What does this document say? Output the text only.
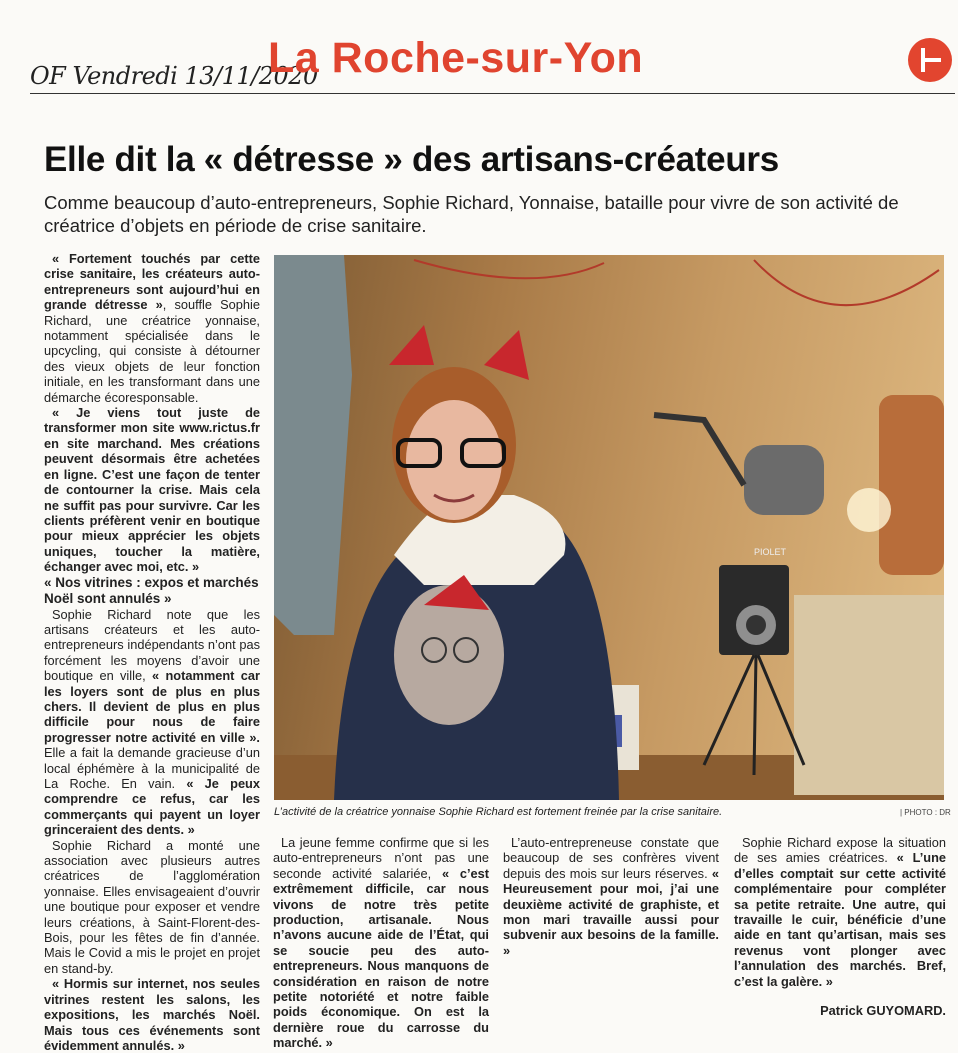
OF Vendredi 13/11/2020
La Roche-sur-Yon
Elle dit la « détresse » des artisans-créateurs
Comme beaucoup d’auto-entrepreneurs, Sophie Richard, Yonnaise, bataille pour vivre de son activité de créatrice d’objets en période de crise sanitaire.

« Fortement touchés par cette crise sanitaire, les créateurs auto-entrepreneurs sont aujourd’hui en grande détresse », souffle Sophie Richard, une créatrice yonnaise, notamment spécialisée dans le upcycling, qui consiste à détourner des vieux objets de leur fonction initiale, en les transformant dans une démarche écoresponsable.

« Je viens tout juste de transformer mon site www.rictus.fr en site marchand. Mes créations peuvent désormais être achetées en ligne. C’est une façon de tenter de contourner la crise. Mais cela ne suffit pas pour survivre. Car les clients préfèrent venir en boutique pour mieux apprécier les objets uniques, toucher la matière, échanger avec moi, etc. »

« Nos vitrines : expos et marchés Noël sont annulés »

Sophie Richard note que les artisans créateurs et les auto-entrepreneurs indépendants n’ont pas forcément les moyens d’avoir une boutique en ville, « notamment car les loyers sont de plus en plus chers. Il devient de plus en plus difficile pour nous de faire progresser notre activité en ville ». Elle a fait la demande gracieuse d’un local éphémère à la municipalité de La Roche. En vain. « Je peux comprendre ce refus, car les commerçants qui payent un loyer grinceraient des dents. »

Sophie Richard a monté une association avec plusieurs autres créatrices de l’agglomération yonnaise. Elles envisageaient d’ouvrir une boutique pour exposer et vendre leurs créations, à Saint-Florent-des-Bois, pour les fêtes de fin d’année. Mais le Covid a mis le projet en projet en stand-by.

« Hormis sur internet, nos seules vitrines restent les salons, les expositions, les marchés Noël. Mais tous ces événements sont évidemment annulés. »

La jeune femme confirme que si les auto-entrepreneurs n’ont pas une seconde activité salariée, « c’est extrêmement difficile, car nous vivons de notre très petite production, artisanale. Nous n’avons aucune aide de l’État, qui se soucie peu des auto-entrepreneurs. Nous manquons de considération en raison de notre petite notoriété et notre faible poids économique. On est la dernière roue du carrosse du marché. »

L’auto-entrepreneuse constate que beaucoup de ses confrères vivent depuis des mois sur leurs réserves. « Heureusement pour moi, j’ai une deuxième activité de graphiste, et mon mari travaille aussi pour subvenir aux besoins de la famille. »

Sophie Richard expose la situation de ses amies créatrices. « L’une d’elles comptait sur cette activité complémentaire pour compléter sa petite retraite. Une autre, qui travaille le cuir, bénéficie d’une aide en tant qu’artisan, mais ses revenus vont plonger avec l’annulation des marchés. Bref, c’est la galère. »

Patrick GUYOMARD.

PIOLET
L’activité de la créatrice yonnaise Sophie Richard est fortement freinée par la crise sanitaire.	| PHOTO : DR
